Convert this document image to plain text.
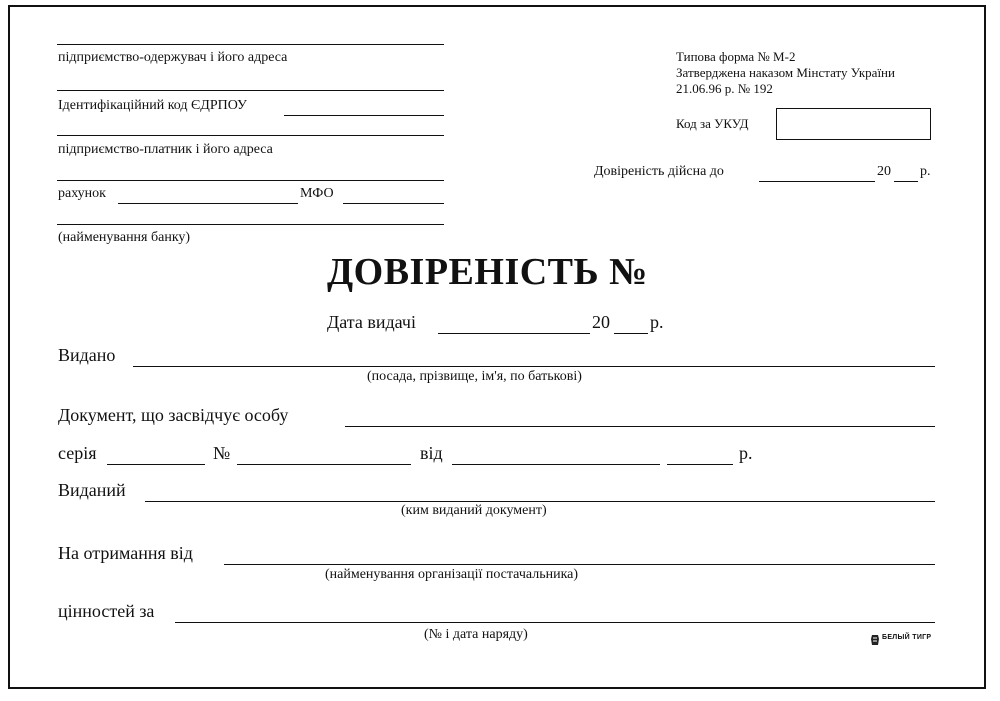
підприємство-одержувач і його адреса
Ідентифікаційний код ЄДРПОУ
підприємство-платник і його адреса
рахунок	МФО
(найменування банку)
Типова форма № М-2
Затверджена наказом Мінстату України
21.06.96 р. № 192
Код за УКУД
Довіреність дійсна до	20 р.
ДОВІРЕНІСТЬ №
Дата видачі	20 р.
Видано
(посада, прізвище, ім'я, по батькові)
Документ, що засвідчує особу
серія	№	від	р.
Виданий
(ким виданий документ)
На отримання від
(найменування організації постачальника)
цінностей за
(№ і дата наряду)	БЕЛЫЙ ТИГР
